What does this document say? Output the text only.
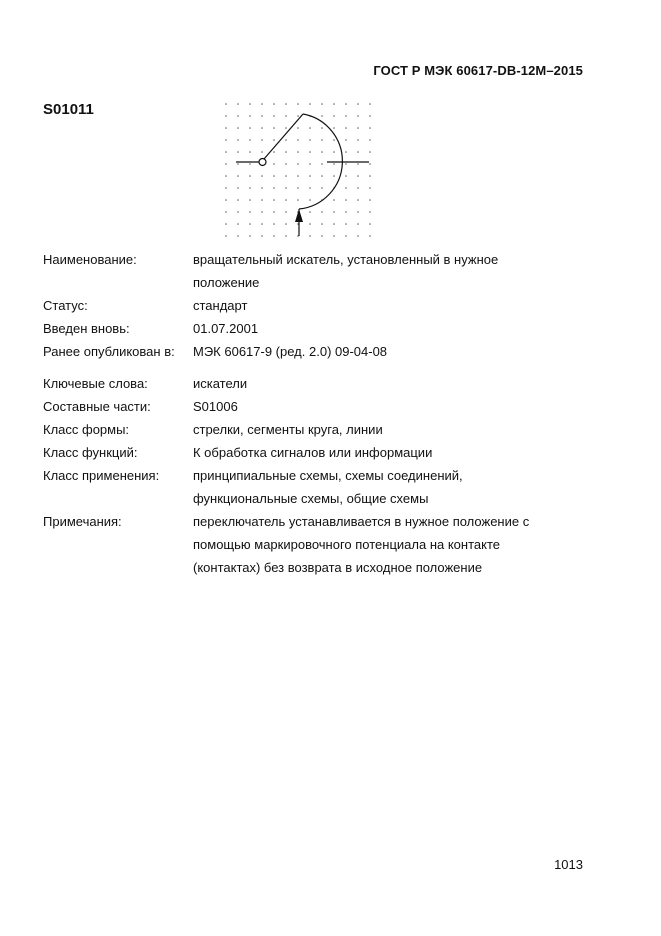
ГОСТ Р МЭК 60617-DB-12M–2015
S01011
Наименование:	вращательный искатель, установленный в нужное
положение
Статус:	стандарт
Введен вновь:	01.07.2001
Ранее опубликован в: МЭК 60617-9 (ред. 2.0) 09-04-08
Ключевые слова:	искатели
Составные части:	S01006
Класс формы:	стрелки, сегменты круга, линии
Класс функций:	К обработка сигналов или информации
Класс применения:	принципиальные схемы, схемы соединений,
функциональные схемы, общие схемы
Примечания:	переключатель устанавливается в нужное положение с
помощью маркировочного потенциала на контакте
(контактах) без возврата в исходное положение
1013
